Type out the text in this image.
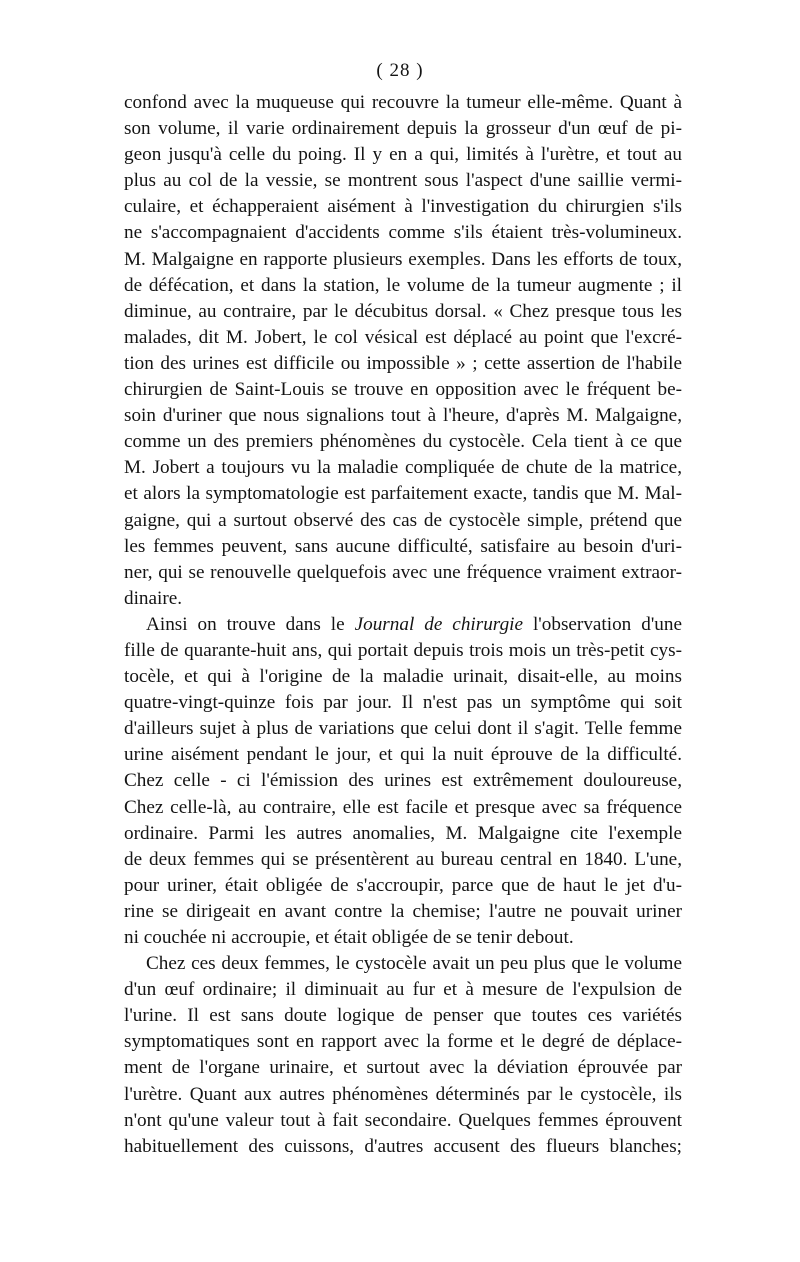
( 28 )
confond avec la muqueuse qui recouvre la tumeur elle-même. Quant à
son volume, il varie ordinairement depuis la grosseur d'un œuf de pi-
geon jusqu'à celle du poing. Il y en a qui, limités à l'urètre, et tout au
plus au col de la vessie, se montrent sous l'aspect d'une saillie vermi-
culaire, et échapperaient aisément à l'investigation du chirurgien s'ils
ne s'accompagnaient d'accidents comme s'ils étaient très-volumineux.
M. Malgaigne en rapporte plusieurs exemples. Dans les efforts de toux,
de défécation, et dans la station, le volume de la tumeur augmente ; il
diminue, au contraire, par le décubitus dorsal. « Chez presque tous les
malades, dit M. Jobert, le col vésical est déplacé au point que l'excré-
tion des urines est difficile ou impossible » ; cette assertion de l'habile
chirurgien de Saint-Louis se trouve en opposition avec le fréquent be-
soin d'uriner que nous signalions tout à l'heure, d'après M. Malgaigne,
comme un des premiers phénomènes du cystocèle. Cela tient à ce que
M. Jobert a toujours vu la maladie compliquée de chute de la matrice,
et alors la symptomatologie est parfaitement exacte, tandis que M. Mal-
gaigne, qui a surtout observé des cas de cystocèle simple, prétend que
les femmes peuvent, sans aucune difficulté, satisfaire au besoin d'uri-
ner, qui se renouvelle quelquefois avec une fréquence vraiment extraor-
dinaire.
Ainsi on trouve dans le Journal de chirurgie l'observation d'une
fille de quarante-huit ans, qui portait depuis trois mois un très-petit cys-
tocèle, et qui à l'origine de la maladie urinait, disait-elle, au moins
quatre-vingt-quinze fois par jour. Il n'est pas un symptôme qui soit
d'ailleurs sujet à plus de variations que celui dont il s'agit. Telle femme
urine aisément pendant le jour, et qui la nuit éprouve de la difficulté.
Chez celle - ci l'émission des urines est extrêmement douloureuse,
Chez celle-là, au contraire, elle est facile et presque avec sa fréquence
ordinaire. Parmi les autres anomalies, M. Malgaigne cite l'exemple
de deux femmes qui se présentèrent au bureau central en 1840. L'une,
pour uriner, était obligée de s'accroupir, parce que de haut le jet d'u-
rine se dirigeait en avant contre la chemise; l'autre ne pouvait uriner
ni couchée ni accroupie, et était obligée de se tenir debout.
Chez ces deux femmes, le cystocèle avait un peu plus que le volume
d'un œuf ordinaire; il diminuait au fur et à mesure de l'expulsion de
l'urine. Il est sans doute logique de penser que toutes ces variétés
symptomatiques sont en rapport avec la forme et le degré de déplace-
ment de l'organe urinaire, et surtout avec la déviation éprouvée par
l'urètre. Quant aux autres phénomènes déterminés par le cystocèle, ils
n'ont qu'une valeur tout à fait secondaire. Quelques femmes éprouvent
habituellement des cuissons, d'autres accusent des flueurs blanches;
